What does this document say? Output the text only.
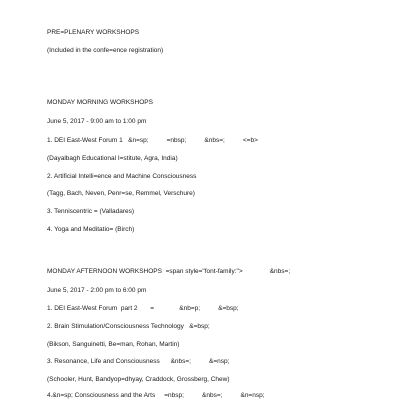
PRE=PLENARY WORKSHOPS
(Included in the confe=ence registration)
MONDAY MORNING WORKSHOPS
June 5, 2017 - 9:00 am to 1:00 pm
1. DEI East-West Forum 1   &n=sp;          =nbsp;          &nbs=;          <=b>
(Dayalbagh Educational I=stitute, Agra, India)
2. Artificial Intelli=ence and Machine Consciousness
(Tagg, Bach, Neven, Penr=se, Remmel, Verschure)
3. Tenniscentric = (Valladares)
4. Yoga and Meditatio= (Birch)
MONDAY AFTERNOON WORKSHOPS  =span style="font-family:">               &nbs=;
June 5, 2017 - 2:00 pm to 6:00 pm
1. DEI East-West Forum  part 2       =              &nb=p;          &=bsp;
2. Brain Stimulation/Consciousness Technology   &=bsp;
(Bikson, Sanguinetti, Be=man, Rohan, Martin)
3. Resonance, Life and Consciousness      &nbs=;          &=nsp;
(Schooler, Hunt, Bandyop=dhyay, Craddock, Grossberg, Chew)
4.&n=sp; Consciousness and the Arts     =nbsp;          &nbs=;          &n=nsp;
